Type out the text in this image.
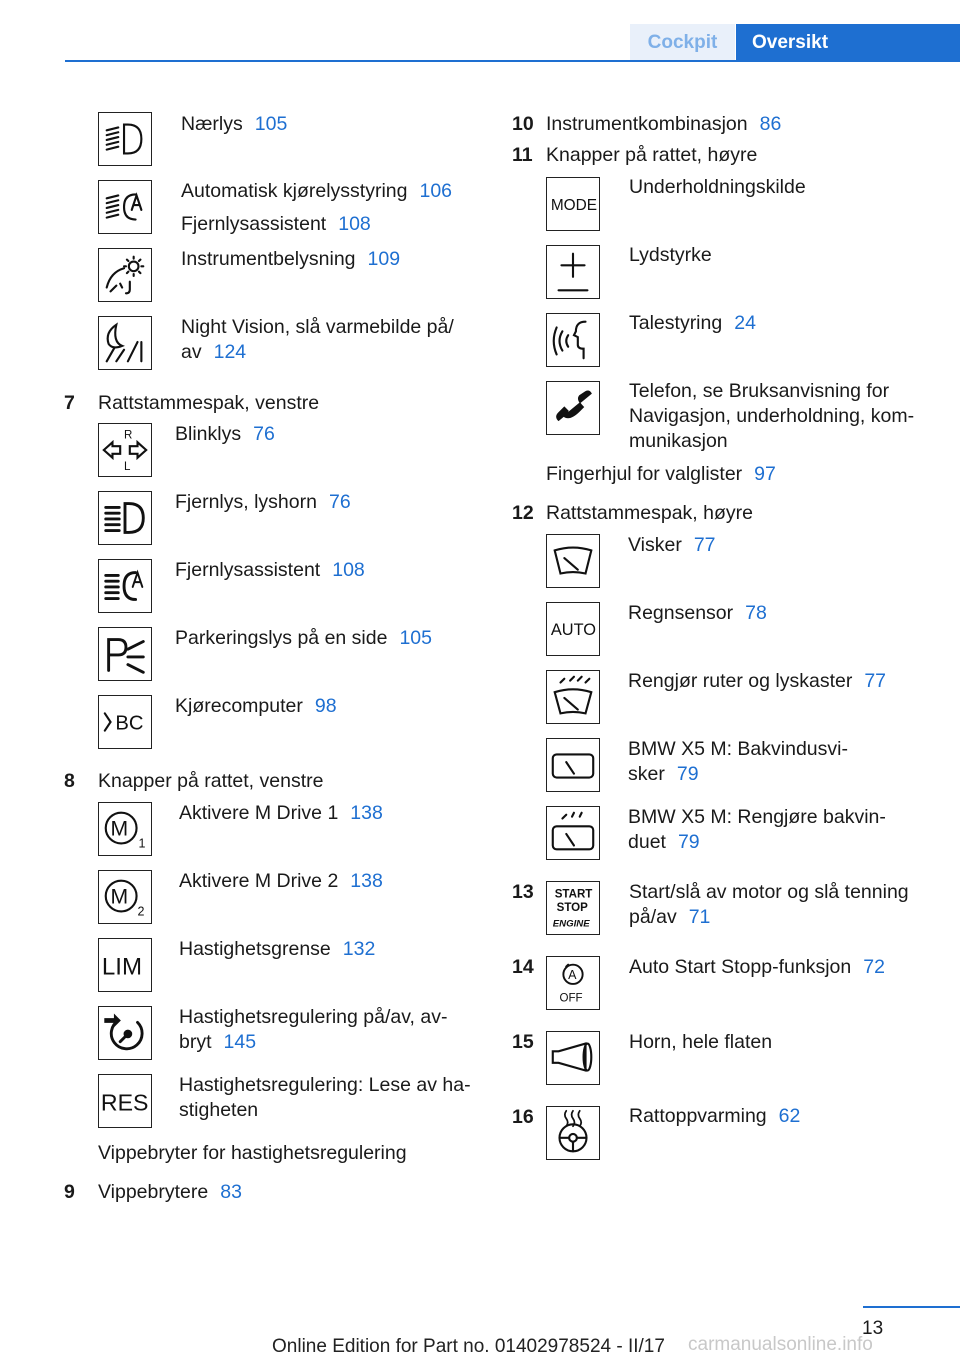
Cockpit	Oversikt
Nærlys 105
Automatisk kjørelysstyring 106
Fjernlysassistent 108
Instrumentbelysning 109
Night Vision, slå varmebilde på/
av 124
7 Rattstammespak, venstre
R
L
Blinklys 76
Fjernlys, lyshorn 76
Fjernlysassistent 108
Parkeringslys på en side 105
BC
Kjørecomputer 98
8 Knapper på rattet, venstre
M
1
Aktivere M Drive 1 138
M
2
Aktivere M Drive 2 138
LIM
Hastighetsgrense 132
Hastighetsregulering på/av, av-
bryt 145
RES
Hastighetsregulering: Lese av ha-
stigheten
Vippebryter for hastighetsregulering
9 Vippebrytere 83
10 Instrumentkombinasjon 86
11 Knapper på rattet, høyre
MODE
Underholdningskilde
Lydstyrke
Talestyring 24
Telefon, se Bruksanvisning for
Navigasjon, underholdning, kom-
munikasjon
Fingerhjul for valglister 97
12 Rattstammespak, høyre
Visker 77
AUTO
Regnsensor 78
Rengjør ruter og lyskaster 77
BMW X5 M: Bakvindusvi-
sker 79
BMW X5 M: Rengjøre bakvin-
duet 79
13 START
STOP
ENGINE
Start/slå av motor og slå tenning
på/av 71
14	A
OFF
Auto Start Stopp-funksjon 72
15	Horn, hele flaten
16	Rattoppvarming 62
13
Online Edition for Part no. 01402978524 - II/17 carmanualsonline.info
